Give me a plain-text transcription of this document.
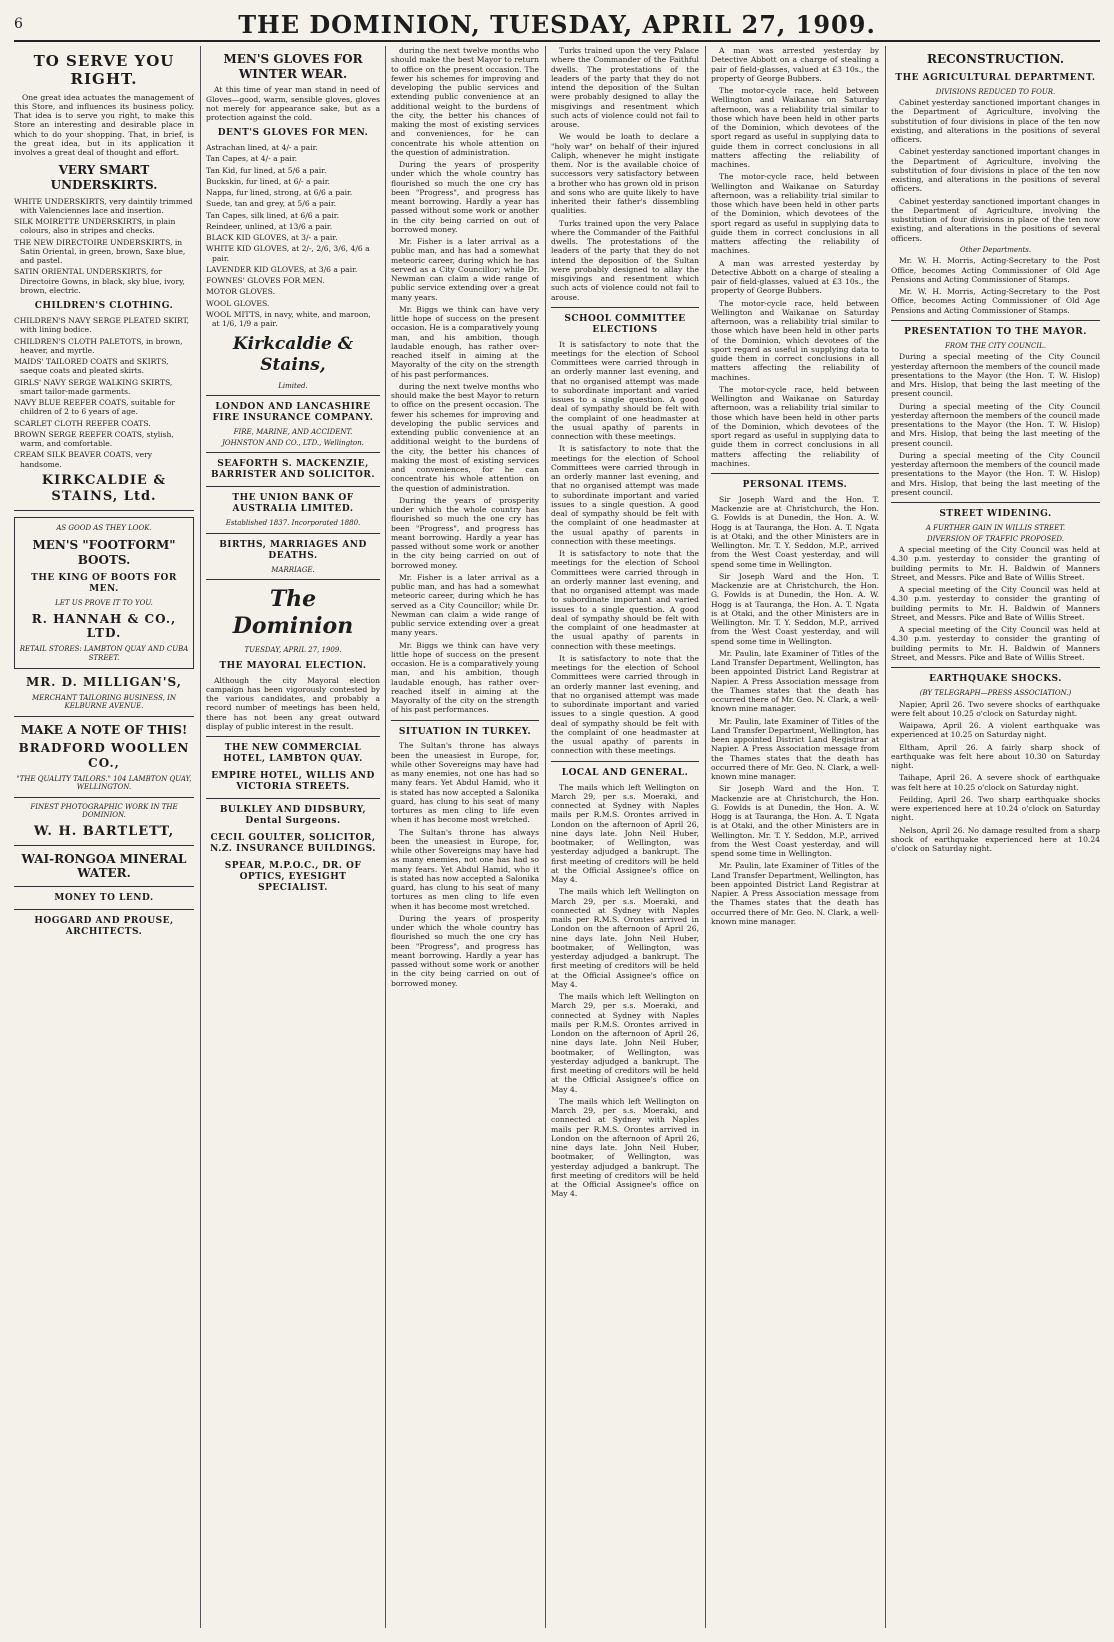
6	THE DOMINION, TUESDAY, APRIL 27, 1909.
TO SERVE YOU RIGHT.

One great idea actuates the management of this Store, and influences its business policy. That idea is to serve you right, to make this Store an interesting and desirable place in which to do your shopping. That, in brief, is the great idea, but in its application it involves a great deal of thought and effort.

VERY SMART UNDERSKIRTS.
WHITE UNDERSKIRTS, very daintily trimmed with Valenciennes lace and insertion.
SILK MOIRETTE UNDERSKIRTS, in plain colours, also in stripes and checks.
THE NEW DIRECTOIRE UNDERSKIRTS, in Satin Oriental, in green, brown, Saxe blue, and pastel.
SATIN ORIENTAL UNDERSKIRTS, for Directoire Gowns, in black, sky blue, ivory, brown, electric.
CHILDREN'S CLOTHING.
CHILDREN'S NAVY SERGE PLEATED SKIRT, with lining bodice.
CHILDREN'S CLOTH PALETOTS, in brown, heaver, and myrtle.
MAIDS' TAILORED COATS and SKIRTS, saeque coats and pleated skirts.
GIRLS' NAVY SERGE WALKING SKIRTS, smart tailor-made garments.
NAVY BLUE REEFER COATS, suitable for children of 2 to 6 years of age.
SCARLET CLOTH REEFER COATS.
BROWN SERGE REEFER COATS, stylish, warm, and comfortable.
CREAM SILK BEAVER COATS, very handsome.
KIRKCALDIE & STAINS, Ltd.
AS GOOD AS THEY LOOK.
MEN'S "FOOTFORM" BOOTS.
THE KING OF BOOTS FOR MEN.
LET US PROVE IT TO YOU.
R. HANNAH & CO., LTD.
RETAIL STORES: LAMBTON QUAY AND CUBA STREET.
MR. D. MILLIGAN'S,
MERCHANT TAILORING BUSINESS, IN KELBURNE AVENUE.
MAKE A NOTE OF THIS!
BRADFORD WOOLLEN CO.,
"THE QUALITY TAILORS." 104 LAMBTON QUAY, WELLINGTON.
FINEST PHOTOGRAPHIC WORK IN THE DOMINION.
W. H. BARTLETT,
WAI-RONGOA MINERAL WATER.
MONEY TO LEND.
HOGGARD AND PROUSE, ARCHITECTS.
MEN'S GLOVES FOR WINTER WEAR.

At this time of year man stand in need of Gloves—good, warm, sensible gloves, gloves not merely for appearance sake, but as a protection against the cold.

DENT'S GLOVES FOR MEN.
Astrachan lined, at 4/- a pair.
Tan Capes, at 4/- a pair.
Tan Kid, fur lined, at 5/6 a pair.
Buckskin, fur lined, at 6/- a pair.
Nappa, fur lined, strong, at 6/6 a pair.
Suede, tan and grey, at 5/6 a pair.
Tan Capes, silk lined, at 6/6 a pair.
Reindeer, unlined, at 13/6 a pair.
BLACK KID GLOVES, at 3/- a pair.
WHITE KID GLOVES, at 2/-, 2/6, 3/6, 4/6 a pair.
LAVENDER KID GLOVES, at 3/6 a pair.
FOWNES' GLOVES FOR MEN.
MOTOR GLOVES.
WOOL GLOVES.
WOOL MITTS, in navy, white, and maroon, at 1/6, 1/9 a pair.
Kirkcaldie & Stains,
Limited.
LONDON AND LANCASHIRE FIRE INSURANCE COMPANY.
FIRE, MARINE, AND ACCIDENT.
JOHNSTON AND CO., LTD., Wellington.
SEAFORTH S. MACKENZIE, BARRISTER AND SOLICITOR.
THE UNION BANK OF AUSTRALIA LIMITED.
Established 1837. Incorporated 1880.
BIRTHS, MARRIAGES AND DEATHS.
MARRIAGE.
The Dominion
TUESDAY, APRIL 27, 1909.
THE MAYORAL ELECTION.

Although the city Mayoral election campaign has been vigorously contested by the various candidates, and probably a record number of meetings has been held, there has not been any great outward display of public interest in the result.

THE NEW COMMERCIAL HOTEL, LAMBTON QUAY.
EMPIRE HOTEL, WILLIS AND VICTORIA STREETS.
BULKLEY AND DIDSBURY, Dental Surgeons.
CECIL GOULTER, SOLICITOR, N.Z. INSURANCE BUILDINGS.
SPEAR, M.P.O.C., DR. OF OPTICS, EYESIGHT SPECIALIST.

during the next twelve months who should make the best Mayor to return to office on the present occasion. The fewer his schemes for improving and developing the public services and extending public convenience at an additional weight to the burdens of the city, the better his chances of making the most of existing services and conveniences, for he can concentrate his whole attention on the question of administration.

During the years of prosperity under which the whole country has flourished so much the one cry has been "Progress", and progress has meant borrowing. Hardly a year has passed without some work or another in the city being carried on out of borrowed money.

Mr. Fisher is a later arrival as a public man, and has had a somewhat meteoric career, during which he has served as a City Councillor; while Dr. Newman can claim a wide range of public service extending over a great many years.

Mr. Biggs we think can have very little hope of success on the present occasion. He is a comparatively young man, and his ambition, though laudable enough, has rather over-reached itself in aiming at the Mayoralty of the city on the strength of his past performances.

during the next twelve months who should make the best Mayor to return to office on the present occasion. The fewer his schemes for improving and developing the public services and extending public convenience at an additional weight to the burdens of the city, the better his chances of making the most of existing services and conveniences, for he can concentrate his whole attention on the question of administration.

During the years of prosperity under which the whole country has flourished so much the one cry has been "Progress", and progress has meant borrowing. Hardly a year has passed without some work or another in the city being carried on out of borrowed money.

Mr. Fisher is a later arrival as a public man, and has had a somewhat meteoric career, during which he has served as a City Councillor; while Dr. Newman can claim a wide range of public service extending over a great many years.

Mr. Biggs we think can have very little hope of success on the present occasion. He is a comparatively young man, and his ambition, though laudable enough, has rather over-reached itself in aiming at the Mayoralty of the city on the strength of his past performances.

SITUATION IN TURKEY.

The Sultan's throne has always been the uneasiest in Europe, for, while other Sovereigns may have had as many enemies, not one has had so many fears. Yet Abdul Hamid, who it is stated has now accepted a Salonika guard, has clung to his seat of many tortures as men cling to life even when it has become most wretched.

The Sultan's throne has always been the uneasiest in Europe, for, while other Sovereigns may have had as many enemies, not one has had so many fears. Yet Abdul Hamid, who it is stated has now accepted a Salonika guard, has clung to his seat of many tortures as men cling to life even when it has become most wretched.

During the years of prosperity under which the whole country has flourished so much the one cry has been "Progress", and progress has meant borrowing. Hardly a year has passed without some work or another in the city being carried on out of borrowed money.

Turks trained upon the very Palace where the Commander of the Faithful dwells. The protestations of the leaders of the party that they do not intend the deposition of the Sultan were probably designed to allay the misgivings and resentment which such acts of violence could not fail to arouse.

We would be loath to declare a "holy war" on behalf of their injured Caliph, whenever he might instigate them. Nor is the available choice of successors very satisfactory between a brother who has grown old in prison and sons who are quite likely to have inherited their father's dissembling qualities.

Turks trained upon the very Palace where the Commander of the Faithful dwells. The protestations of the leaders of the party that they do not intend the deposition of the Sultan were probably designed to allay the misgivings and resentment which such acts of violence could not fail to arouse.

SCHOOL COMMITTEE ELECTIONS

It is satisfactory to note that the meetings for the election of School Committees were carried through in an orderly manner last evening, and that no organised attempt was made to subordinate important and varied issues to a single question. A good deal of sympathy should be felt with the complaint of one headmaster at the usual apathy of parents in connection with these meetings.

It is satisfactory to note that the meetings for the election of School Committees were carried through in an orderly manner last evening, and that no organised attempt was made to subordinate important and varied issues to a single question. A good deal of sympathy should be felt with the complaint of one headmaster at the usual apathy of parents in connection with these meetings.

It is satisfactory to note that the meetings for the election of School Committees were carried through in an orderly manner last evening, and that no organised attempt was made to subordinate important and varied issues to a single question. A good deal of sympathy should be felt with the complaint of one headmaster at the usual apathy of parents in connection with these meetings.

It is satisfactory to note that the meetings for the election of School Committees were carried through in an orderly manner last evening, and that no organised attempt was made to subordinate important and varied issues to a single question. A good deal of sympathy should be felt with the complaint of one headmaster at the usual apathy of parents in connection with these meetings.

LOCAL AND GENERAL.

The mails which left Wellington on March 29, per s.s. Moeraki, and connected at Sydney with Naples mails per R.M.S. Orontes arrived in London on the afternoon of April 26, nine days late. John Neil Huber, bootmaker, of Wellington, was yesterday adjudged a bankrupt. The first meeting of creditors will be held at the Official Assignee's office on May 4.

The mails which left Wellington on March 29, per s.s. Moeraki, and connected at Sydney with Naples mails per R.M.S. Orontes arrived in London on the afternoon of April 26, nine days late. John Neil Huber, bootmaker, of Wellington, was yesterday adjudged a bankrupt. The first meeting of creditors will be held at the Official Assignee's office on May 4.

The mails which left Wellington on March 29, per s.s. Moeraki, and connected at Sydney with Naples mails per R.M.S. Orontes arrived in London on the afternoon of April 26, nine days late. John Neil Huber, bootmaker, of Wellington, was yesterday adjudged a bankrupt. The first meeting of creditors will be held at the Official Assignee's office on May 4.

The mails which left Wellington on March 29, per s.s. Moeraki, and connected at Sydney with Naples mails per R.M.S. Orontes arrived in London on the afternoon of April 26, nine days late. John Neil Huber, bootmaker, of Wellington, was yesterday adjudged a bankrupt. The first meeting of creditors will be held at the Official Assignee's office on May 4.

A man was arrested yesterday by Detective Abbott on a charge of stealing a pair of field-glasses, valued at £3 10s., the property of George Bubbers.

The motor-cycle race, held between Wellington and Waikanae on Saturday afternoon, was a reliability trial similar to those which have been held in other parts of the Dominion, which devotees of the sport regard as useful in supplying data to guide them in correct conclusions in all matters affecting the reliability of machines.

The motor-cycle race, held between Wellington and Waikanae on Saturday afternoon, was a reliability trial similar to those which have been held in other parts of the Dominion, which devotees of the sport regard as useful in supplying data to guide them in correct conclusions in all matters affecting the reliability of machines.

A man was arrested yesterday by Detective Abbott on a charge of stealing a pair of field-glasses, valued at £3 10s., the property of George Bubbers.

The motor-cycle race, held between Wellington and Waikanae on Saturday afternoon, was a reliability trial similar to those which have been held in other parts of the Dominion, which devotees of the sport regard as useful in supplying data to guide them in correct conclusions in all matters affecting the reliability of machines.

The motor-cycle race, held between Wellington and Waikanae on Saturday afternoon, was a reliability trial similar to those which have been held in other parts of the Dominion, which devotees of the sport regard as useful in supplying data to guide them in correct conclusions in all matters affecting the reliability of machines.

PERSONAL ITEMS.

Sir Joseph Ward and the Hon. T. Mackenzie are at Christchurch, the Hon. G. Fowlds is at Dunedin, the Hon. A. W. Hogg is at Tauranga, the Hon. A. T. Ngata is at Otaki, and the other Ministers are in Wellington. Mr. T. Y. Seddon, M.P., arrived from the West Coast yesterday, and will spend some time in Wellington.

Sir Joseph Ward and the Hon. T. Mackenzie are at Christchurch, the Hon. G. Fowlds is at Dunedin, the Hon. A. W. Hogg is at Tauranga, the Hon. A. T. Ngata is at Otaki, and the other Ministers are in Wellington. Mr. T. Y. Seddon, M.P., arrived from the West Coast yesterday, and will spend some time in Wellington.

Mr. Paulin, late Examiner of Titles of the Land Transfer Department, Wellington, has been appointed District Land Registrar at Napier. A Press Association message from the Thames states that the death has occurred there of Mr. Geo. N. Clark, a well-known mine manager.

Mr. Paulin, late Examiner of Titles of the Land Transfer Department, Wellington, has been appointed District Land Registrar at Napier. A Press Association message from the Thames states that the death has occurred there of Mr. Geo. N. Clark, a well-known mine manager.

Sir Joseph Ward and the Hon. T. Mackenzie are at Christchurch, the Hon. G. Fowlds is at Dunedin, the Hon. A. W. Hogg is at Tauranga, the Hon. A. T. Ngata is at Otaki, and the other Ministers are in Wellington. Mr. T. Y. Seddon, M.P., arrived from the West Coast yesterday, and will spend some time in Wellington.

Mr. Paulin, late Examiner of Titles of the Land Transfer Department, Wellington, has been appointed District Land Registrar at Napier. A Press Association message from the Thames states that the death has occurred there of Mr. Geo. N. Clark, a well-known mine manager.

RECONSTRUCTION.
THE AGRICULTURAL DEPARTMENT.
DIVISIONS REDUCED TO FOUR.

Cabinet yesterday sanctioned important changes in the Department of Agriculture, involving the substitution of four divisions in place of the ten now existing, and alterations in the positions of several officers.

Cabinet yesterday sanctioned important changes in the Department of Agriculture, involving the substitution of four divisions in place of the ten now existing, and alterations in the positions of several officers.

Cabinet yesterday sanctioned important changes in the Department of Agriculture, involving the substitution of four divisions in place of the ten now existing, and alterations in the positions of several officers.

Other Departments.

Mr. W. H. Morris, Acting-Secretary to the Post Office, becomes Acting Commissioner of Old Age Pensions and Acting Commissioner of Stamps.

Mr. W. H. Morris, Acting-Secretary to the Post Office, becomes Acting Commissioner of Old Age Pensions and Acting Commissioner of Stamps.

PRESENTATION TO THE MAYOR.
FROM THE CITY COUNCIL.

During a special meeting of the City Council yesterday afternoon the members of the council made presentations to the Mayor (the Hon. T. W. Hislop) and Mrs. Hislop, that being the last meeting of the present council.

During a special meeting of the City Council yesterday afternoon the members of the council made presentations to the Mayor (the Hon. T. W. Hislop) and Mrs. Hislop, that being the last meeting of the present council.

During a special meeting of the City Council yesterday afternoon the members of the council made presentations to the Mayor (the Hon. T. W. Hislop) and Mrs. Hislop, that being the last meeting of the present council.

STREET WIDENING.
A FURTHER GAIN IN WILLIS STREET.
DIVERSION OF TRAFFIC PROPOSED.

A special meeting of the City Council was held at 4.30 p.m. yesterday to consider the granting of building permits to Mr. H. Baldwin of Manners Street, and Messrs. Pike and Bate of Willis Street.

A special meeting of the City Council was held at 4.30 p.m. yesterday to consider the granting of building permits to Mr. H. Baldwin of Manners Street, and Messrs. Pike and Bate of Willis Street.

A special meeting of the City Council was held at 4.30 p.m. yesterday to consider the granting of building permits to Mr. H. Baldwin of Manners Street, and Messrs. Pike and Bate of Willis Street.

EARTHQUAKE SHOCKS.
(BY TELEGRAPH—PRESS ASSOCIATION.)

Napier, April 26. Two severe shocks of earthquake were felt about 10.25 o'clock on Saturday night.

Waipawa, April 26. A violent earthquake was experienced at 10.25 on Saturday night.

Eltham, April 26. A fairly sharp shock of earthquake was felt here about 10.30 on Saturday night.

Taihape, April 26. A severe shock of earthquake was felt here at 10.25 o'clock on Saturday night.

Feilding, April 26. Two sharp earthquake shocks were experienced here at 10.24 o'clock on Saturday night.

Nelson, April 26. No damage resulted from a sharp shock of earthquake experienced here at 10.24 o'clock on Saturday night.
